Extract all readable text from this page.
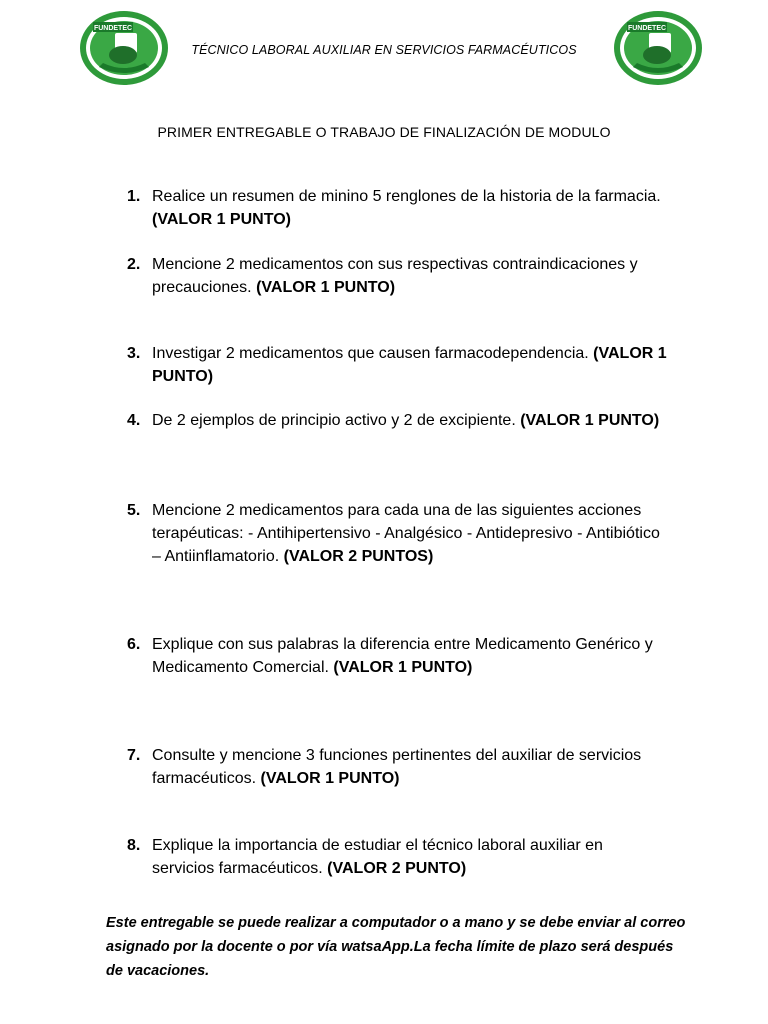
FUNDETEC
TÉCNICO LABORAL AUXILIAR EN SERVICIOS FARMACÉUTICOS
FUNDETEC
PRIMER ENTREGABLE O TRABAJO DE FINALIZACIÓN DE MODULO
1. Realice un resumen de minino 5 renglones de la historia de la farmacia. (VALOR 1 PUNTO)
2. Mencione 2 medicamentos con sus respectivas contraindicaciones y precauciones. (VALOR 1 PUNTO)
3. Investigar 2 medicamentos que causen farmacodependencia. (VALOR 1 PUNTO)
4. De 2 ejemplos de principio activo y 2 de excipiente. (VALOR 1 PUNTO)
5. Mencione 2 medicamentos para cada una de las siguientes acciones terapéuticas: - Antihipertensivo - Analgésico - Antidepresivo - Antibiótico – Antiinflamatorio. (VALOR 2 PUNTOS)
6. Explique con sus palabras la diferencia entre Medicamento Genérico y Medicamento Comercial. (VALOR 1 PUNTO)
7. Consulte y mencione 3 funciones pertinentes del auxiliar de servicios farmacéuticos. (VALOR 1 PUNTO)
8. Explique la importancia de estudiar el técnico laboral auxiliar en servicios farmacéuticos. (VALOR 2 PUNTO)
Este entregable se puede realizar a computador o a mano y se debe enviar al correo asignado por la docente o por vía watsaApp.La fecha límite de plazo será después de vacaciones.
